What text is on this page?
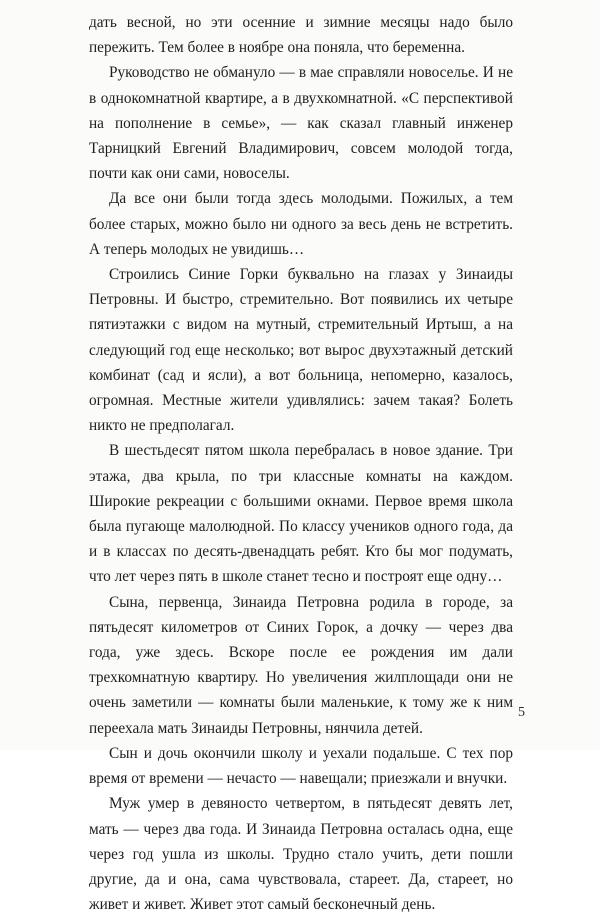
дать весной, но эти осенние и зимние месяцы надо было пережить. Тем более в ноябре она поняла, что беременна.

Руководство не обмануло — в мае справляли новоселье. И не в однокомнатной квартире, а в двухкомнатной. «С перспективой на пополнение в семье», — как сказал главный инженер Тарницкий Евгений Владимирович, совсем молодой тогда, почти как они сами, новоселы.

Да все они были тогда здесь молодыми. Пожилых, а тем более старых, можно было ни одного за весь день не встретить. А теперь молодых не увидишь…

Строились Синие Горки буквально на глазах у Зинаиды Петровны. И быстро, стремительно. Вот появились их четыре пятиэтажки с видом на мутный, стремительный Иртыш, а на следующий год еще несколько; вот вырос двухэтажный детский комбинат (сад и ясли), а вот больница, непомерно, казалось, огромная. Местные жители удивлялись: зачем такая? Болеть никто не предполагал.

В шестьдесят пятом школа перебралась в новое здание. Три этажа, два крыла, по три классные комнаты на каждом. Широкие рекреации с большими окнами. Первое время школа была пугающе малолюдной. По классу учеников одного года, да и в классах по десять-двенадцать ребят. Кто бы мог подумать, что лет через пять в школе станет тесно и построят еще одну…

Сына, первенца, Зинаида Петровна родила в городе, за пятьдесят километров от Синих Горок, а дочку — через два года, уже здесь. Вскоре после ее рождения им дали трехкомнатную квартиру. Но увеличения жилплощади они не очень заметили — комнаты были маленькие, к тому же к ним переехала мать Зинаиды Петровны, нянчила детей.

Сын и дочь окончили школу и уехали подальше. С тех пор время от времени — нечасто — навещали; приезжали и внучки.

Муж умер в девяносто четвертом, в пятьдесят девять лет, мать — через два года. И Зинаида Петровна осталась одна, еще через год ушла из школы. Трудно стало учить, дети пошли другие, да и она, сама чувствовала, стареет. Да, стареет, но живет и живет. Живет этот самый бесконечный день.

5
